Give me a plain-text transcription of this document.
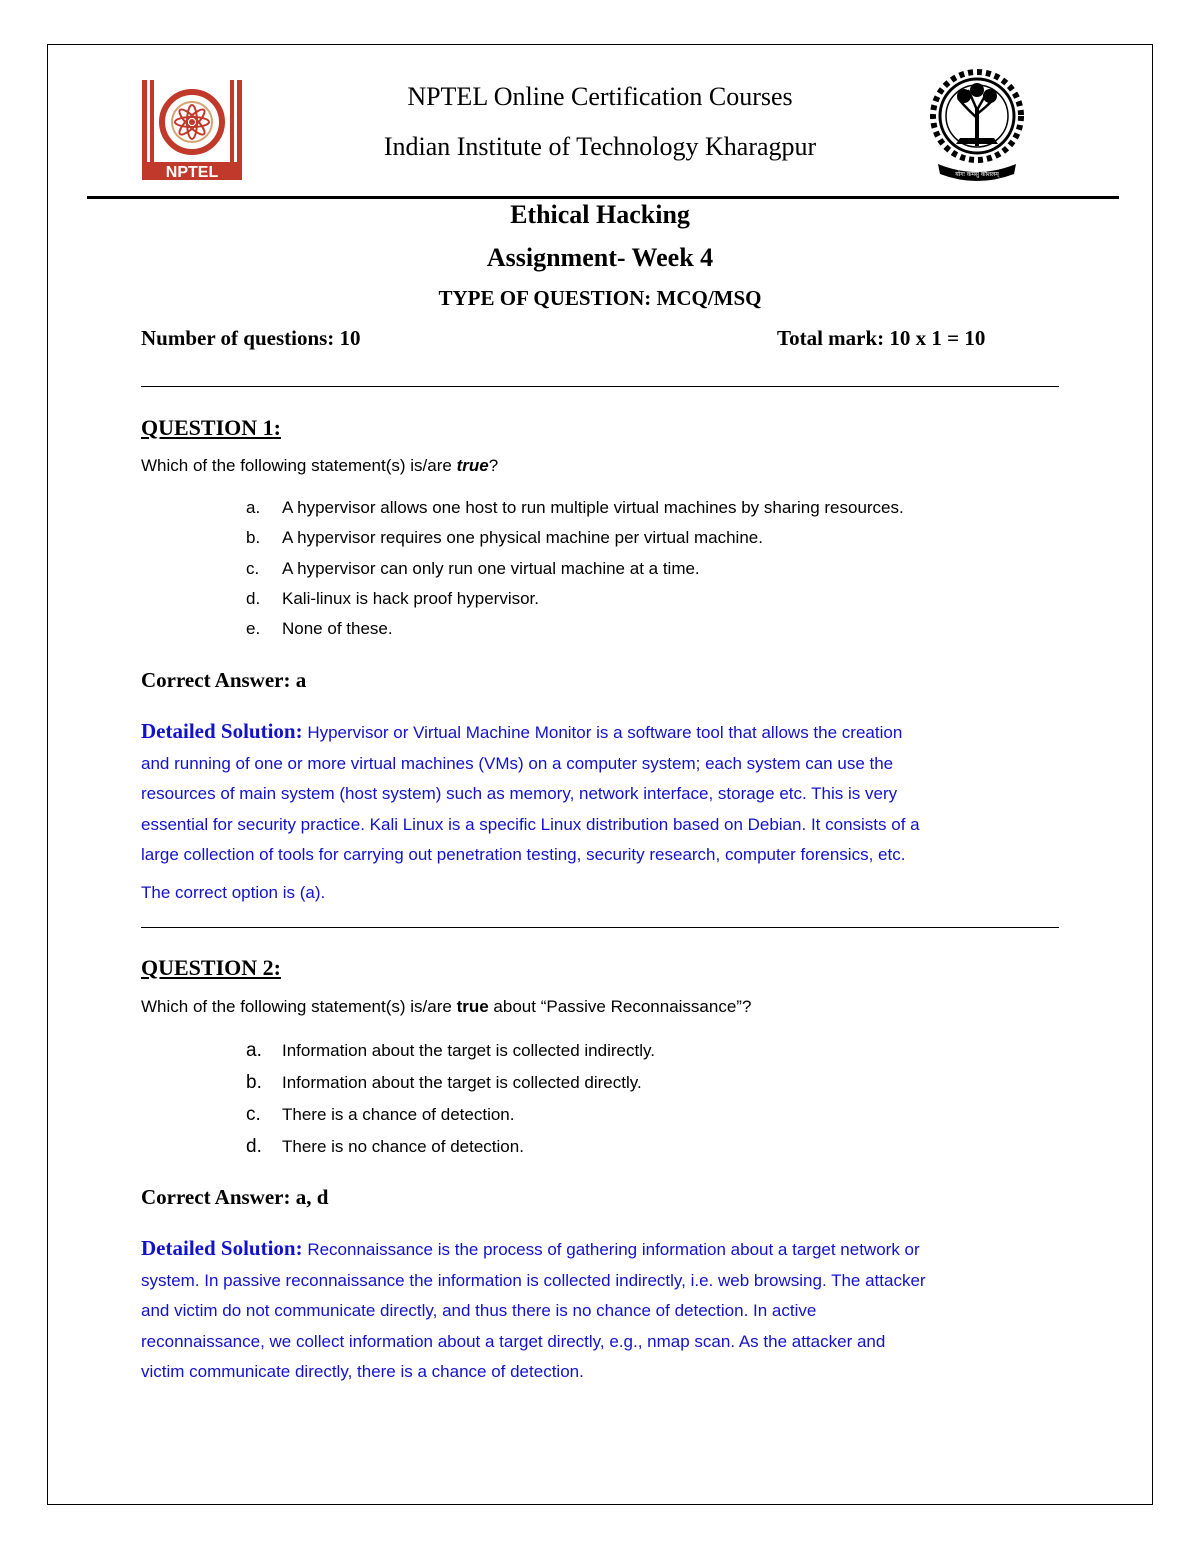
NPTEL	योगः कर्मसु कौशलम्
NPTEL Online Certification Courses
Indian Institute of Technology Kharagpur
Ethical Hacking
Assignment- Week 4
TYPE OF QUESTION: MCQ/MSQ
Number of questions: 10	Total mark: 10 x 1 = 10
QUESTION 1:
Which of the following statement(s) is/are true?
a. A hypervisor allows one host to run multiple virtual machines by sharing resources.
b. A hypervisor requires one physical machine per virtual machine.
c. A hypervisor can only run one virtual machine at a time.
d. Kali-linux is hack proof hypervisor.
e. None of these.
Correct Answer: a
Detailed Solution: Hypervisor or Virtual Machine Monitor is a software tool that allows the creation
and running of one or more virtual machines (VMs) on a computer system; each system can use the
resources of main system (host system) such as memory, network interface, storage etc. This is very
essential for security practice. Kali Linux is a specific Linux distribution based on Debian. It consists of a
large collection of tools for carrying out penetration testing, security research, computer forensics, etc.
The correct option is (a).
QUESTION 2:
Which of the following statement(s) is/are true about “Passive Reconnaissance”?
a. Information about the target is collected indirectly.
b. Information about the target is collected directly.
c. There is a chance of detection.
d. There is no chance of detection.
Correct Answer: a, d
Detailed Solution: Reconnaissance is the process of gathering information about a target network or
system. In passive reconnaissance the information is collected indirectly, i.e. web browsing. The attacker
and victim do not communicate directly, and thus there is no chance of detection. In active
reconnaissance, we collect information about a target directly, e.g., nmap scan. As the attacker and
victim communicate directly, there is a chance of detection.
